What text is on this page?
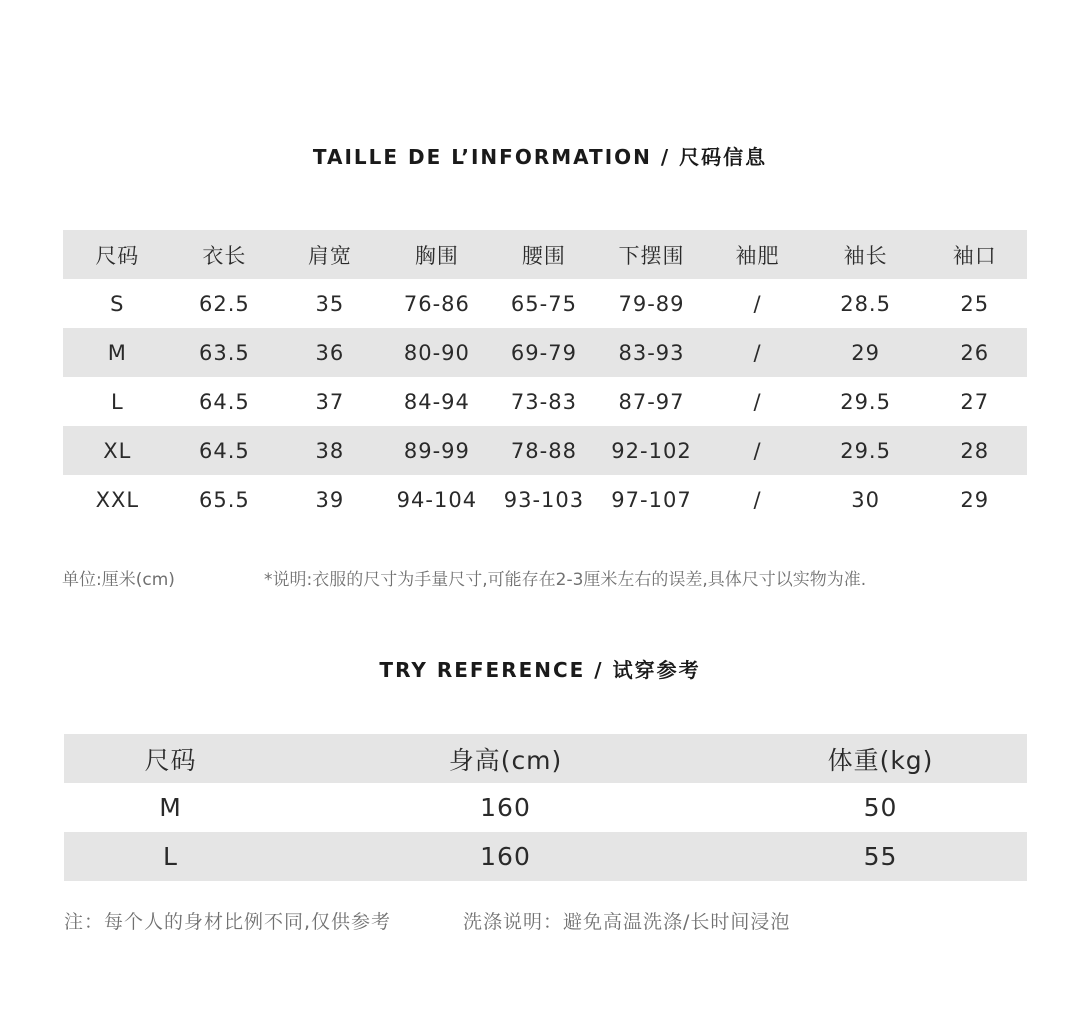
TAILLE DE L’INFORMATION / 尺码信息
尺码	衣长	肩宽	胸围	腰围	下摆围	袖肥	袖长	袖口
S	62.5	35	76-86	65-75	79-89	/	28.5	25
M	63.5	36	80-90	69-79	83-93	/	29	26
L	64.5	37	84-94	73-83	87-97	/	29.5	27
XL	64.5	38	89-99	78-88	92-102	/	29.5	28
XXL	65.5	39	94-104	93-103	97-107	/	30	29
单位:厘米(cm)	*说明:衣服的尺寸为手量尺寸,可能存在2-3厘米左右的误差,具体尺寸以实物为准.
TRY REFERENCE / 试穿参考
尺码	身高(cm)	体重(kg)
M	160	50
L	160	55
注：每个人的身材比例不同,仅供参考	洗涤说明：避免高温洗涤/长时间浸泡
